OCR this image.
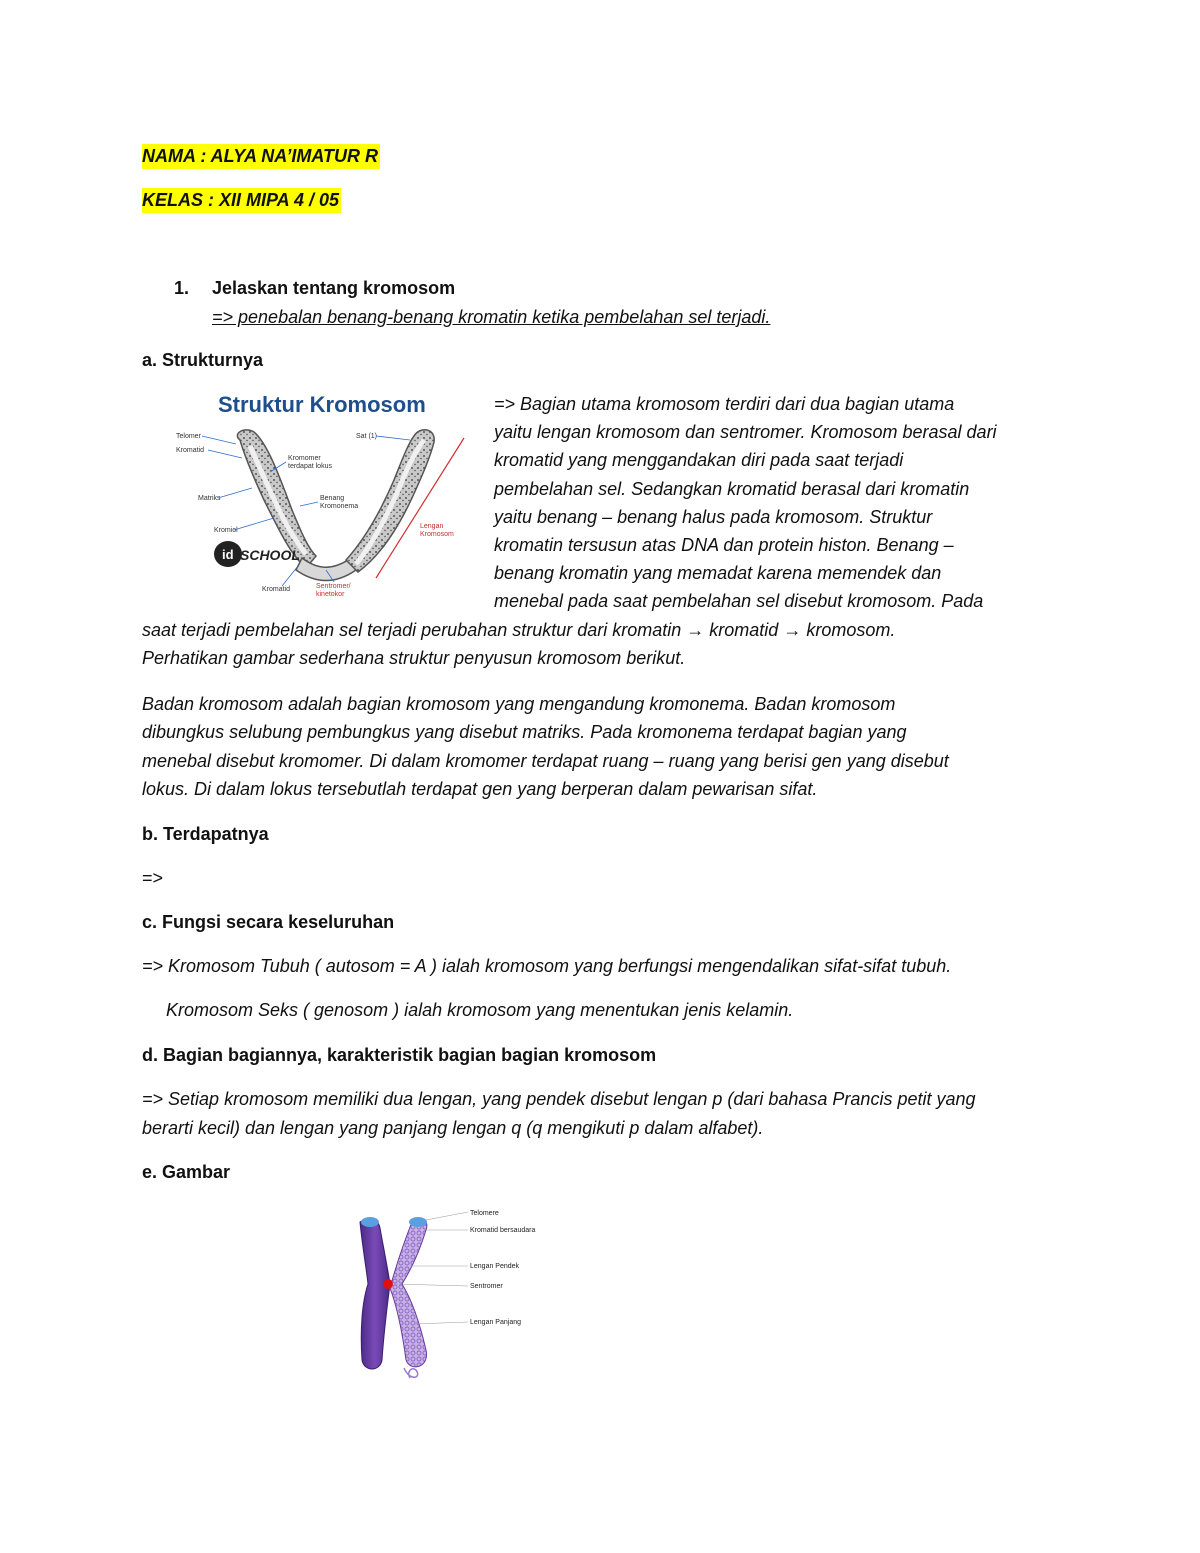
NAMA : ALYA NA’IMATUR R
KELAS : XII MIPA 4 / 05
1. Jelaskan tentang kromosom
=> penebalan benang-benang kromatin ketika pembelahan sel terjadi.
a. Strukturnya
Struktur Kromosom
Telomer
Kromatid
Matriks
Kromiol
Kromatid
Kromomer
terdapat lokus
Benang
Kromonema
Sat (1)
Lengan
Kromosom
Sentromer/
kinetokor
id SCHOOL
=> Bagian utama kromosom terdiri dari dua bagian utama
yaitu lengan kromosom dan sentromer. Kromosom berasal dari
kromatid yang menggandakan diri pada saat terjadi
pembelahan sel. Sedangkan kromatid berasal dari kromatin
yaitu benang – benang halus pada kromosom. Struktur
kromatin tersusun atas DNA dan protein histon. Benang –
benang kromatin yang memadat karena memendek dan
menebal pada saat pembelahan sel disebut kromosom. Pada
saat terjadi pembelahan sel terjadi perubahan struktur dari kromatin → kromatid → kromosom.
Perhatikan gambar sederhana struktur penyusun kromosom berikut.
Badan kromosom adalah bagian kromosom yang mengandung kromonema. Badan kromosom
dibungkus selubung pembungkus yang disebut matriks. Pada kromonema terdapat bagian yang
menebal disebut kromomer. Di dalam kromomer terdapat ruang – ruang yang berisi gen yang disebut
lokus. Di dalam lokus tersebutlah terdapat gen yang berperan dalam pewarisan sifat.
b. Terdapatnya
=>
c. Fungsi secara keseluruhan
=> Kromosom Tubuh ( autosom = A ) ialah kromosom yang berfungsi mengendalikan sifat-sifat tubuh.
Kromosom Seks ( genosom ) ialah kromosom yang menentukan jenis kelamin.
d. Bagian bagiannya, karakteristik bagian bagian kromosom
=> Setiap kromosom memiliki dua lengan, yang pendek disebut lengan p (dari bahasa Prancis petit yang
berarti kecil) dan lengan yang panjang lengan q (q mengikuti p dalam alfabet).
e. Gambar
Telomere
Kromatid bersaudara
Lengan Pendek
Sentromer
Lengan Panjang
